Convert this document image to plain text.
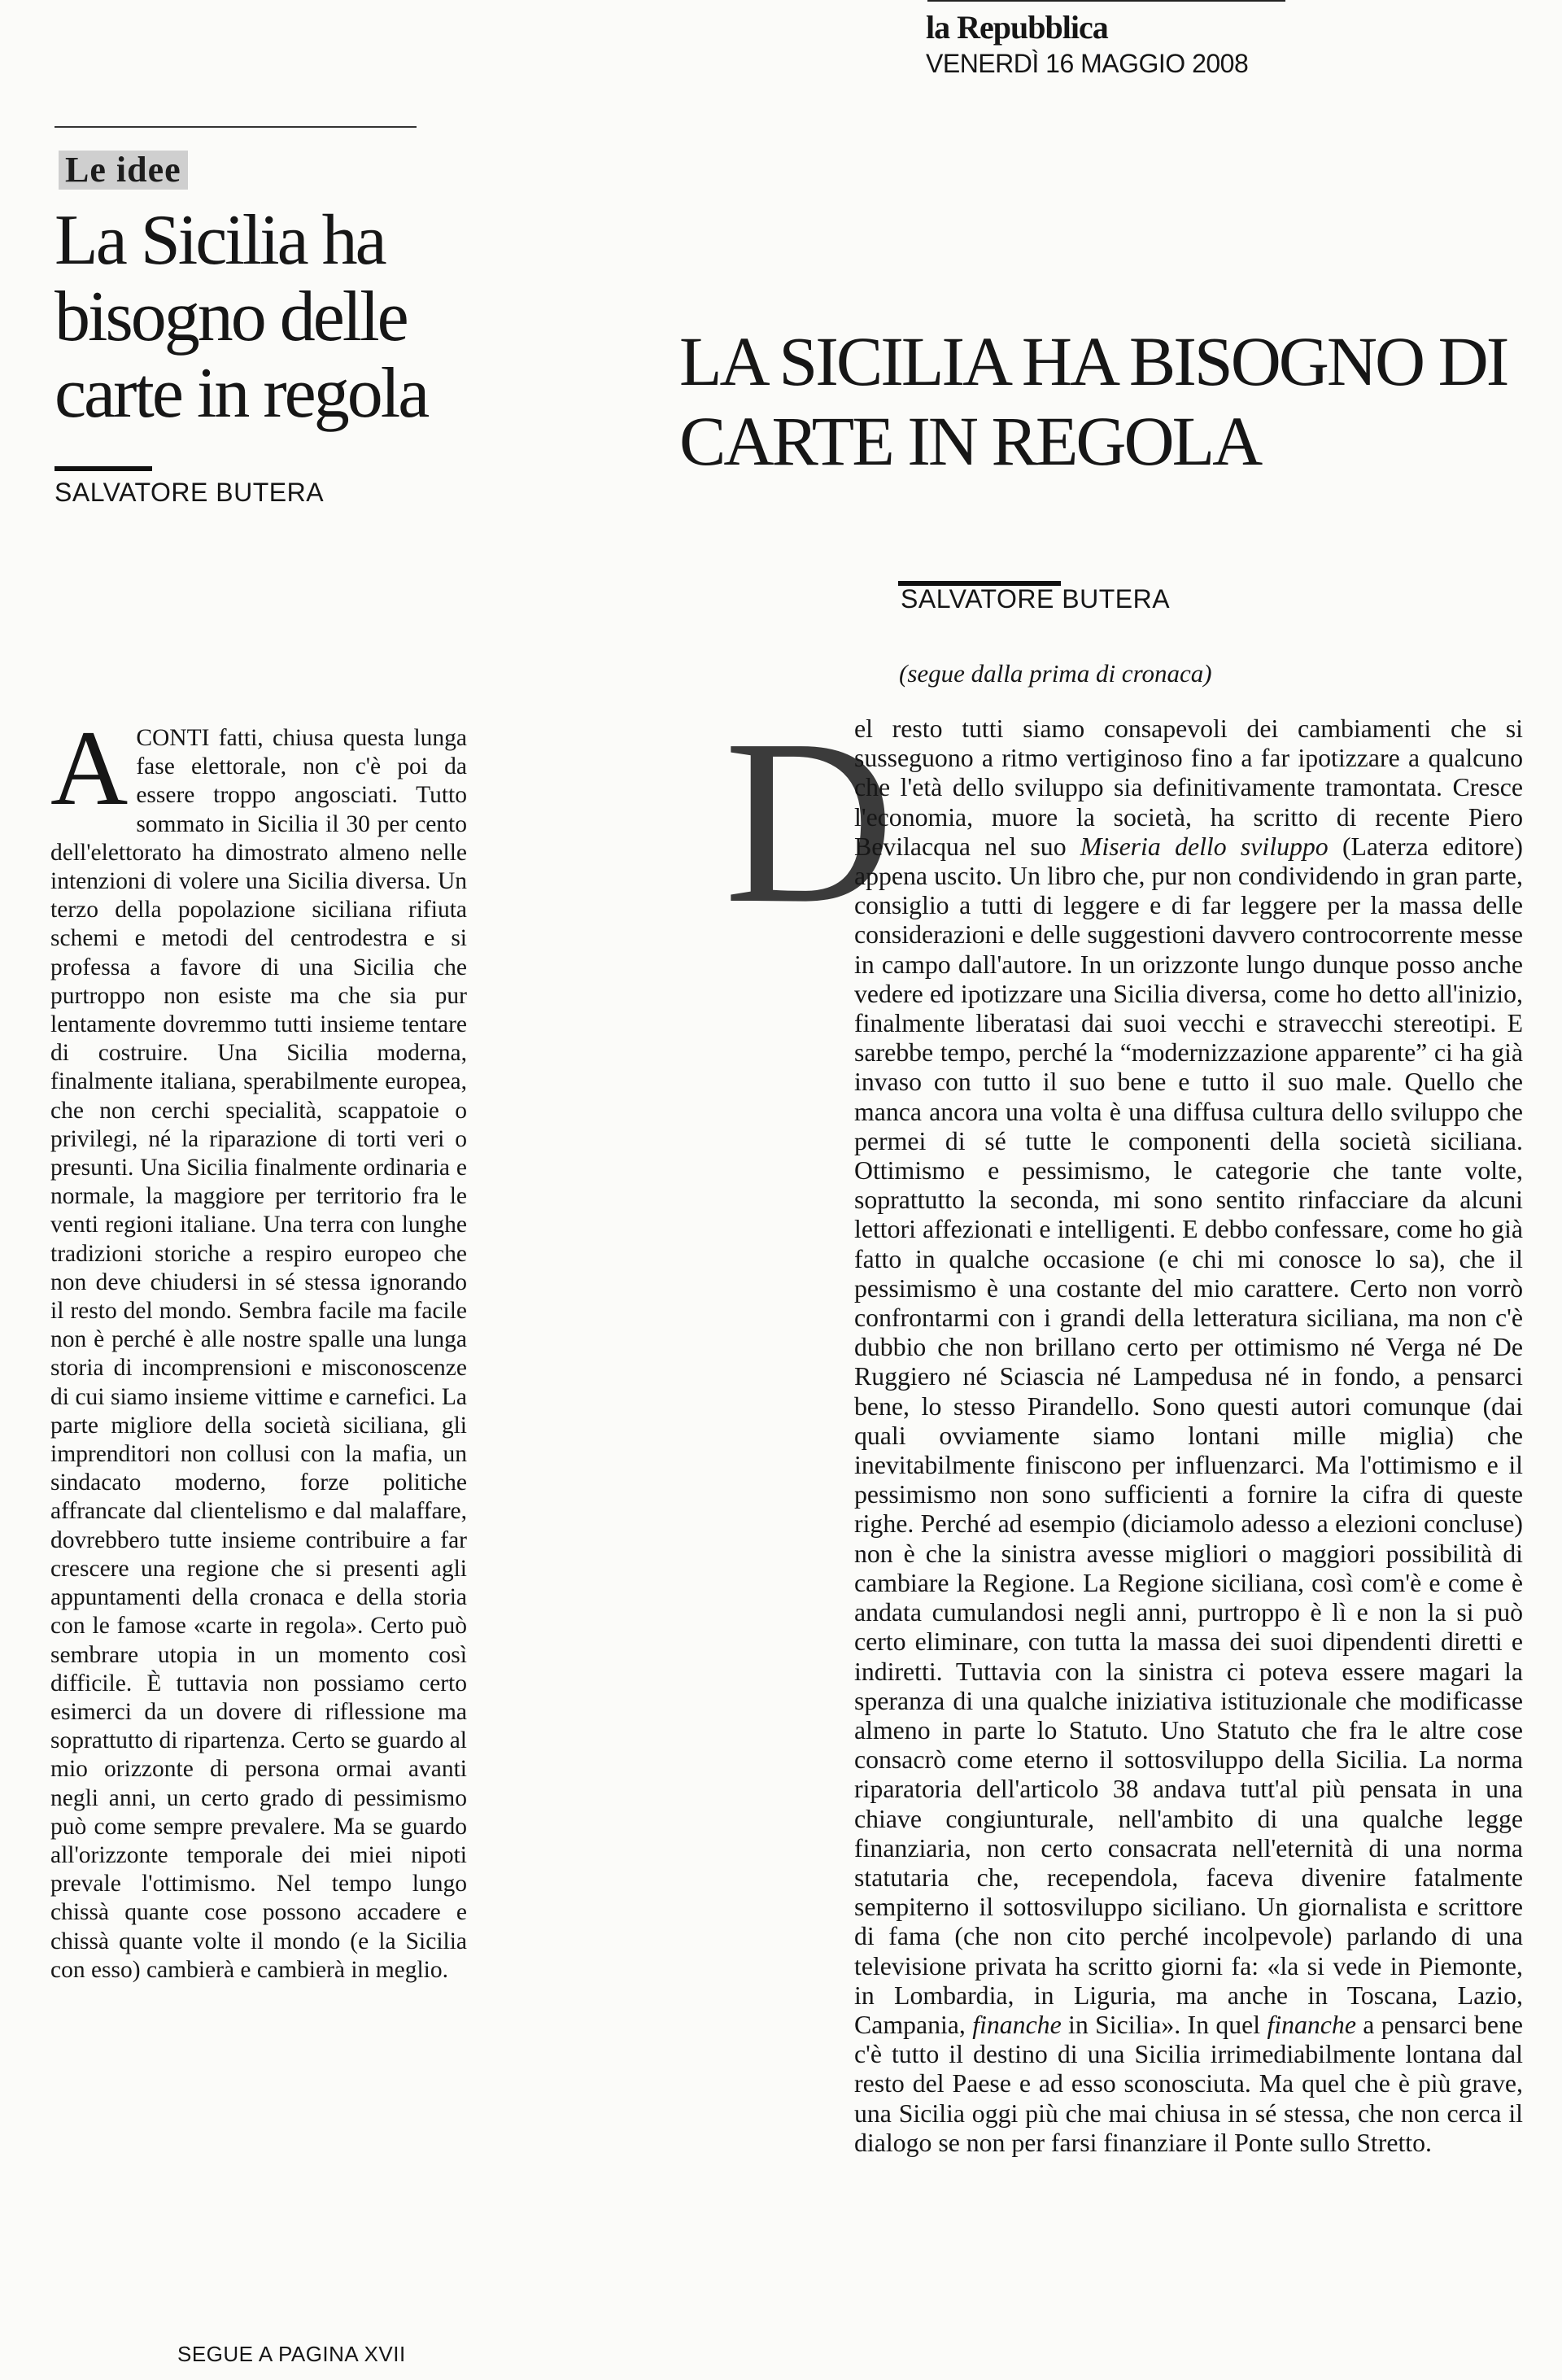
la Repubblica
VENERDÌ 16 MAGGIO 2008
Le idee
La Sicilia ha bisogno delle carte in regola
SALVATORE BUTERA

A CONTI fatti, chiusa questa lunga fase elettorale, non c'è poi da essere troppo angosciati. Tutto sommato in Sicilia il 30 per cento dell'elettorato ha dimostrato almeno nelle intenzioni di volere una Sicilia diversa. Un terzo della popolazione siciliana rifiuta schemi e metodi del centrodestra e si professa a favore di una Sicilia che purtroppo non esiste ma che sia pur lentamente dovremmo tutti insieme tentare di costruire. Una Sicilia moderna, finalmente italiana, sperabilmente europea, che non cerchi specialità, scappatoie o privilegi, né la riparazione di torti veri o presunti. Una Sicilia finalmente ordinaria e normale, la maggiore per territorio fra le venti regioni italiane. Una terra con lunghe tradizioni storiche a respiro europeo che non deve chiudersi in sé stessa ignorando il resto del mondo. Sembra facile ma facile non è perché è alle nostre spalle una lunga storia di incomprensioni e misconoscenze di cui siamo insieme vittime e carnefici. La parte migliore della società siciliana, gli imprenditori non collusi con la mafia, un sindacato moderno, forze politiche affrancate dal clientelismo e dal malaffare, dovrebbero tutte insieme contribuire a far crescere una regione che si presenti agli appuntamenti della cronaca e della storia con le famose «carte in regola». Certo può sembrare utopia in un momento così difficile. È tuttavia non possiamo certo esimerci da un dovere di riflessione ma soprattutto di ripartenza. Certo se guardo al mio orizzonte di persona ormai avanti negli anni, un certo grado di pessimismo può come sempre prevalere. Ma se guardo all'orizzonte temporale dei miei nipoti prevale l'ottimismo. Nel tempo lungo chissà quante cose possono accadere e chissà quante volte il mondo (e la Sicilia con esso) cambierà e cambierà in meglio.

SEGUE A PAGINA XVII
LA SICILIA HA BISOGNO DI CARTE IN REGOLA
SALVATORE BUTERA
(segue dalla prima di cronaca)
D

el resto tutti siamo consapevoli dei cambiamenti che si susseguono a ritmo vertiginoso fino a far ipotizzare a qualcuno che l'età dello sviluppo sia definitivamente tramontata. Cresce l'economia, muore la società, ha scritto di recente Piero Bevilacqua nel suo Miseria dello sviluppo (Laterza editore) appena uscito. Un libro che, pur non condividendo in gran parte, consiglio a tutti di leggere e di far leggere per la massa delle considerazioni e delle suggestioni davvero controcorrente messe in campo dall'autore. In un orizzonte lungo dunque posso anche vedere ed ipotizzare una Sicilia diversa, come ho detto all'inizio, finalmente liberatasi dai suoi vecchi e stravecchi stereotipi. E sarebbe tempo, perché la “modernizzazione apparente” ci ha già invaso con tutto il suo bene e tutto il suo male. Quello che manca ancora una volta è una diffusa cultura dello sviluppo che permei di sé tutte le componenti della società siciliana. Ottimismo e pessimismo, le categorie che tante volte, soprattutto la seconda, mi sono sentito rinfacciare da alcuni lettori affezionati e intelligenti. E debbo confessare, come ho già fatto in qualche occasione (e chi mi conosce lo sa), che il pessimismo è una costante del mio carattere. Certo non vorrò confrontarmi con i grandi della letteratura siciliana, ma non c'è dubbio che non brillano certo per ottimismo né Verga né De Ruggiero né Sciascia né Lampedusa né in fondo, a pensarci bene, lo stesso Pirandello. Sono questi autori comunque (dai quali ovviamente siamo lontani mille miglia) che inevitabilmente finiscono per influenzarci. Ma l'ottimismo e il pessimismo non sono sufficienti a fornire la cifra di queste righe. Perché ad esempio (diciamolo adesso a elezioni concluse) non è che la sinistra avesse migliori o maggiori possibilità di cambiare la Regione. La Regione siciliana, così com'è e come è andata cumulandosi negli anni, purtroppo è lì e non la si può certo eliminare, con tutta la massa dei suoi dipendenti diretti e indiretti. Tuttavia con la sinistra ci poteva essere magari la speranza di una qualche iniziativa istituzionale che modificasse almeno in parte lo Statuto. Uno Statuto che fra le altre cose consacrò come eterno il sottosviluppo della Sicilia. La norma riparatoria dell'articolo 38 andava tutt'al più pensata in una chiave congiunturale, nell'ambito di una qualche legge finanziaria, non certo consacrata nell'eternità di una norma statutaria che, recependola, faceva divenire fatalmente sempiterno il sottosviluppo siciliano. Un giornalista e scrittore di fama (che non cito perché incolpevole) parlando di una televisione privata ha scritto giorni fa: «la si vede in Piemonte, in Lombardia, in Liguria, ma anche in Toscana, Lazio, Campania, finanche in Sicilia». In quel finanche a pensarci bene c'è tutto il destino di una Sicilia irrimediabilmente lontana dal resto del Paese e ad esso sconosciuta. Ma quel che è più grave, una Sicilia oggi più che mai chiusa in sé stessa, che non cerca il dialogo se non per farsi finanziare il Ponte sullo Stretto.
